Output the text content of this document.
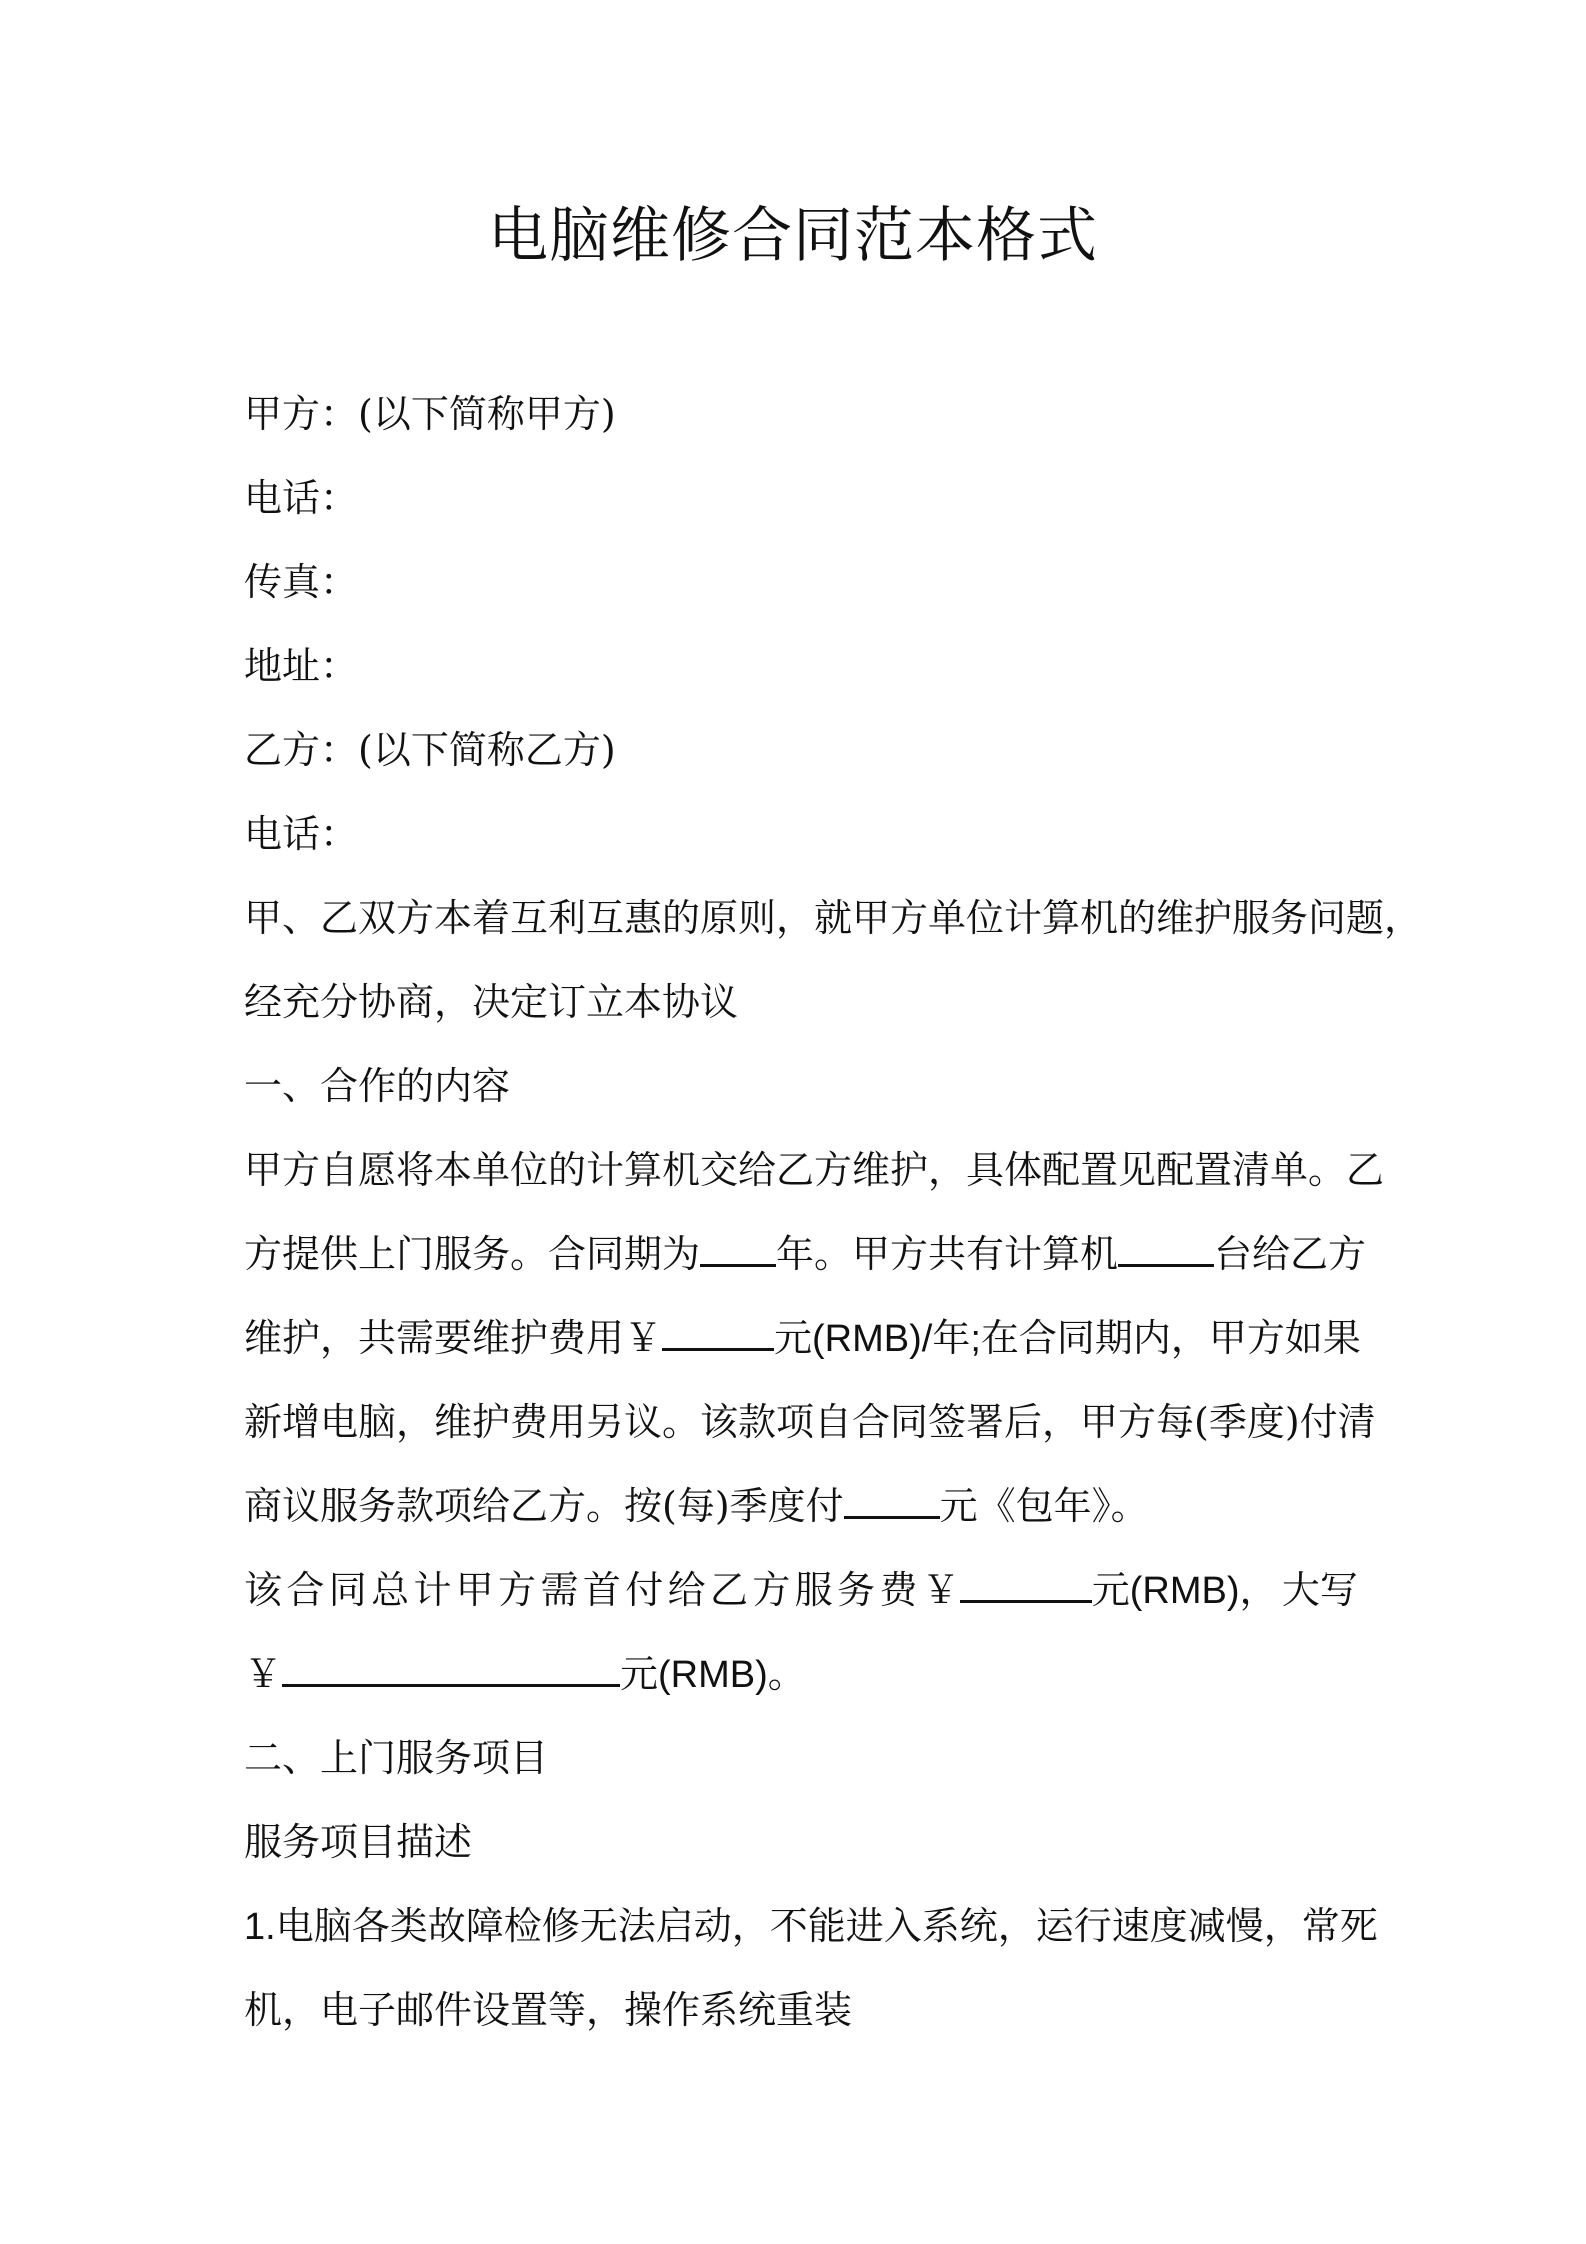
电脑维修合同范本格式
甲方：(以下简称甲方)
电话：
传真：
地址：
乙方：(以下简称乙方)
电话：
甲、乙双方本着互利互惠的原则，就甲方单位计算机的维护服务问题，
经充分协商，决定订立本协议
一、合作的内容
甲方自愿将本单位的计算机交给乙方维护，具体配置见配置清单。乙
方提供上门服务。合同期为 年。甲方共有计算机	台给乙方
维护，共需要维护费用￥	元(RMB)/年;在合同期内，甲方如果
新增电脑，维护费用另议。该款项自合同签署后，甲方每(季度)付清
商议服务款项给乙方。按(每)季度付	元《包年》。
该 合 同 总 计 甲 方 需 首 付 给 乙 方 服 务 费 ￥	元(RMB)， 大写
￥	元(RMB)。
二、上门服务项目
服务项目描述
1.电脑各类故障检修无法启动，不能进入系统，运行速度减慢，常死
机，电子邮件设置等，操作系统重装
